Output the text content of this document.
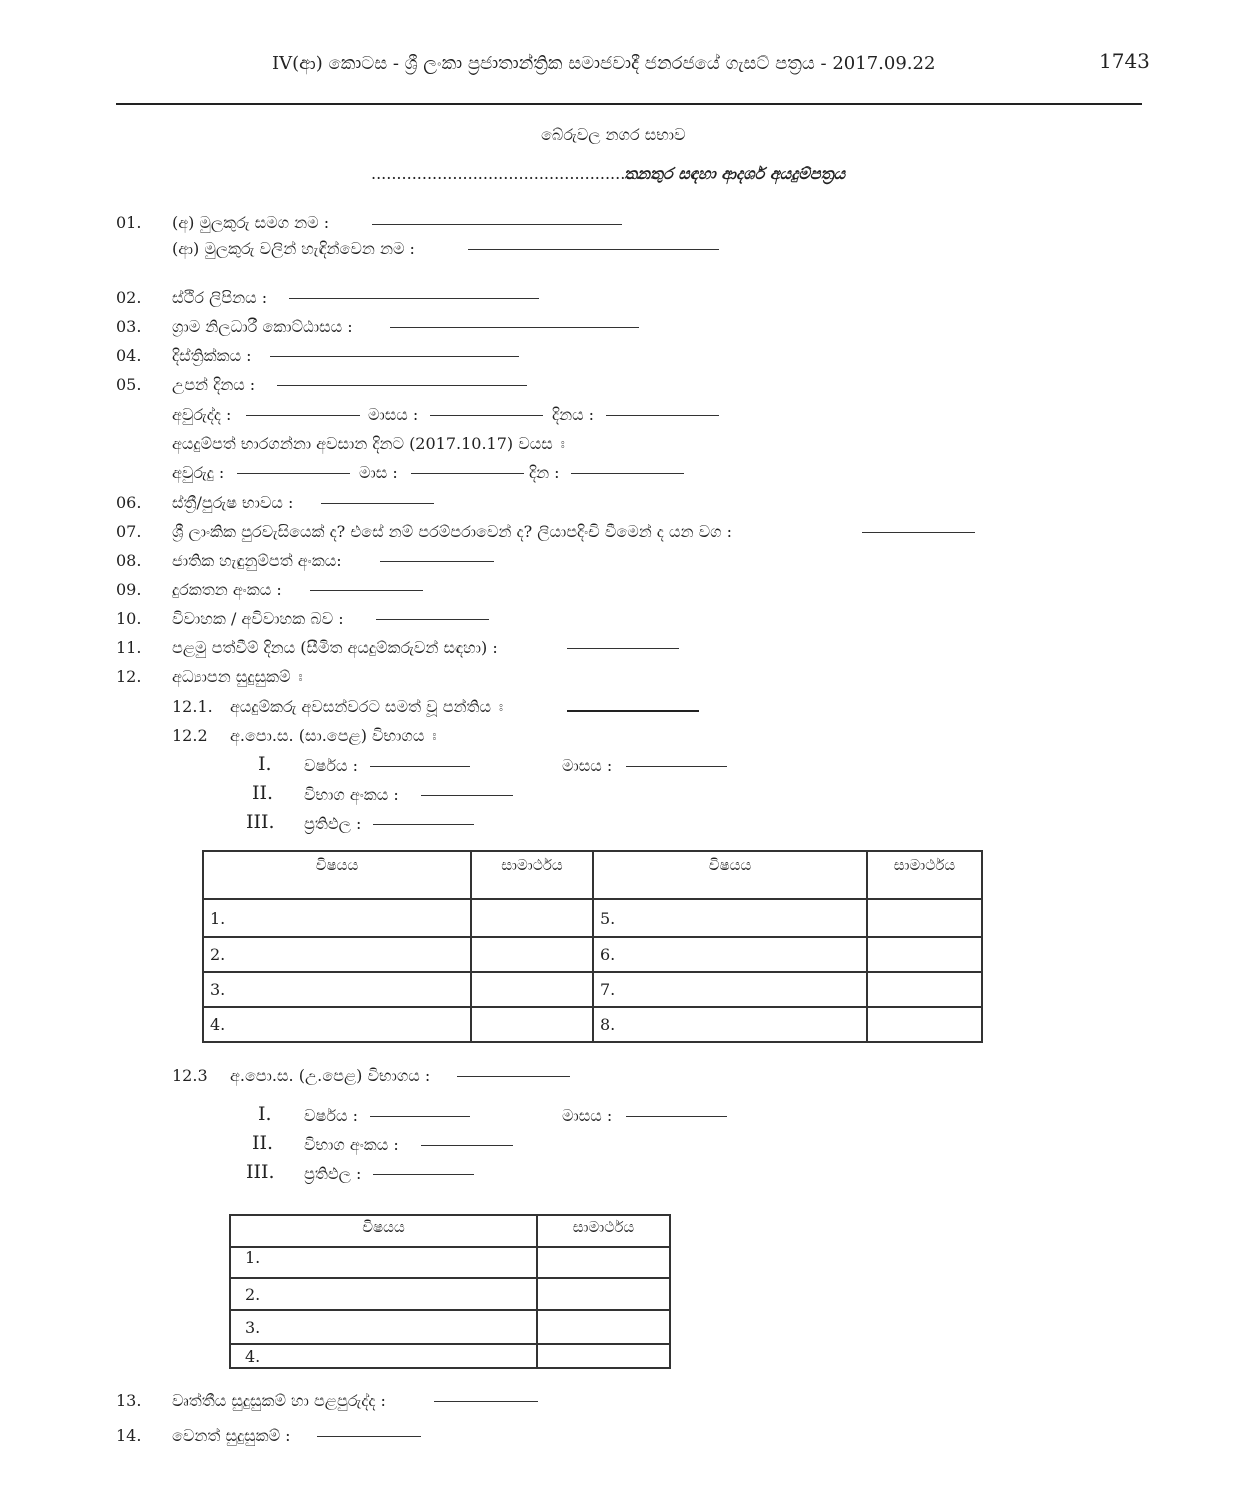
IV(ආ) කොටස - ශ්‍රී ලංකා ප්‍රජාතාන්ත්‍රික සමාජවාදී ජනරජයේ ගැසට් පත්‍රය - 2017.09.22	1743
බේරුවල නගර සභාව
........................................................
තනතුර සඳහා ආදර්ශ අයදුම්පත්‍රය
01. (අ) මුලකුරු සමග නම :
(ආ) මුලකුරු වලින් හැඳින්වෙන නම :
02. ස්ථිර ලිපිනය :
03. ග්‍රාම නිලධාරී කොට්ඨාසය :
04. දිස්ත්‍රික්කය :
05. උපන් දිනය :
අවුරුද්ද :	මාසය :	දිනය :
අයදුම්පත් භාරගන්නා අවසාන දිනට (2017.10.17) වයස ඃ
අවුරුදු :	මාස :	දින :
06. ස්ත්‍රී/පුරුෂ භාවය :
07. ශ්‍රී ලාංකික පුරවැසියෙක් ද? එසේ නම් පරම්පරාවෙන් ද? ලියාපදිංචි වීමෙන් ද යන වග :
08. ජාතික හැඳුනුම්පත් අංකය:
09. දුරකතන අංකය :
10. විවාහක / අවිවාහක බව :
11. පළමු පත්වීම් දිනය (සීමිත අයදුම්කරුවන් සඳහා) :
12. අධ්‍යාපන සුදුසුකම් ඃ
12.1. අයදුම්කරු අවසන්වරට සමත් වූ පන්තිය ඃ
12.2 අ.පො.ස. (සා.පෙළ) විභාගය ඃ
I. වර්ෂය :	මාසය :
II. විභාග අංකය :
III. ප්‍රතිඵල :
විෂයය	සාමාර්ථය	විෂයය	සාමාර්ථය
1.		5.	
2.		6.	
3.		7.	
4.		8.	
12.3 අ.පො.ස. (උ.පෙළ) විභාගය :
I. වර්ෂය :	මාසය :
II. විභාග අංකය :
III. ප්‍රතිඵල :
විෂයය	සාමාර්ථය
1.	
2.	
3.	
4.	
13. වෘත්තීය සුදුසුකම් හා පළපුරුද්ද :
14. වෙනත් සුදුසුකම් :
